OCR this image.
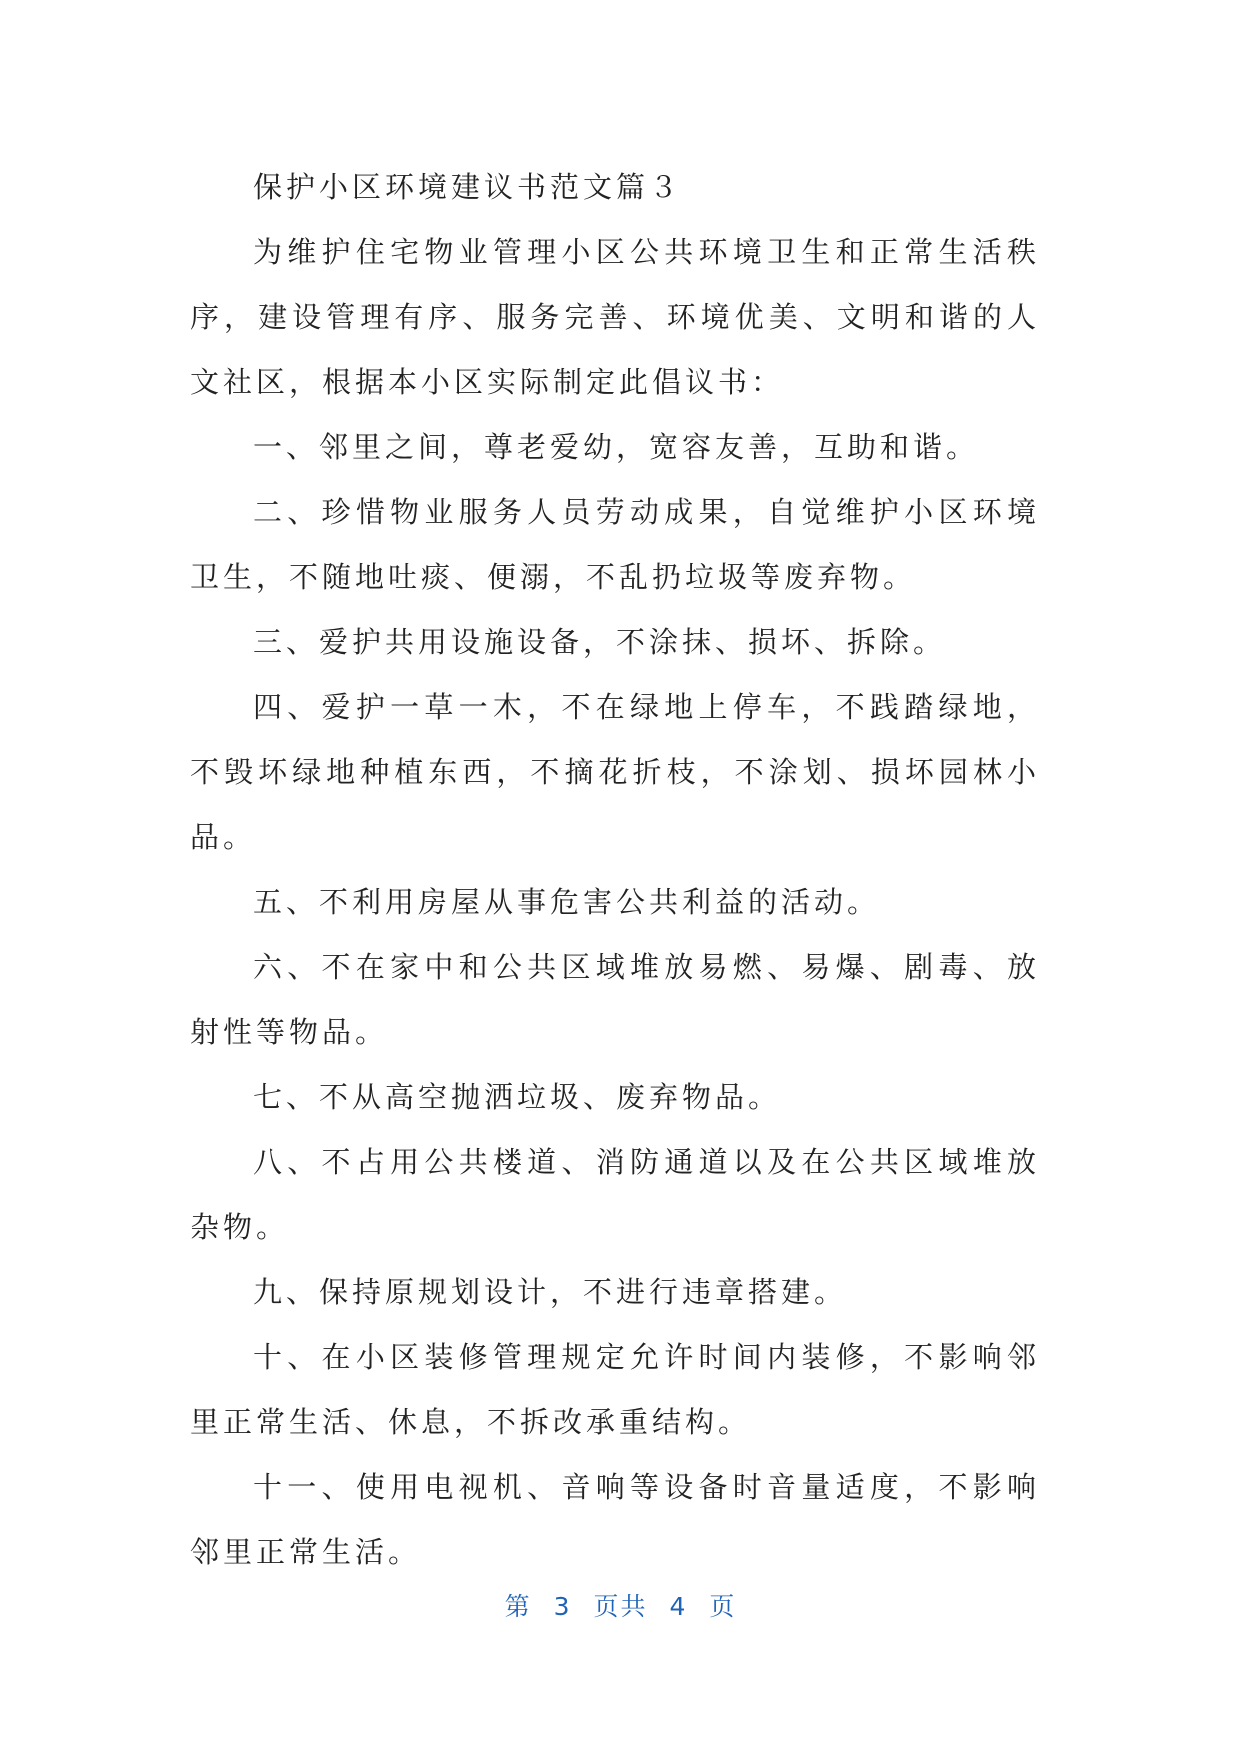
保护小区环境建议书范文篇３

为维护住宅物业管理小区公共环境卫生和正常生活秩序，建设管理有序、服务完善、环境优美、文明和谐的人文社区，根据本小区实际制定此倡议书：

一、邻里之间，尊老爱幼，宽容友善，互助和谐。

二、珍惜物业服务人员劳动成果，自觉维护小区环境卫生，不随地吐痰、便溺，不乱扔垃圾等废弃物。

三、爱护共用设施设备，不涂抹、损坏、拆除。

四、爱护一草一木，不在绿地上停车，不践踏绿地，不毁坏绿地种植东西，不摘花折枝，不涂划、损坏园林小品。

五、不利用房屋从事危害公共利益的活动。

六、不在家中和公共区域堆放易燃、易爆、剧毒、放射性等物品。

七、不从高空抛洒垃圾、废弃物品。

八、不占用公共楼道、消防通道以及在公共区域堆放杂物。

九、保持原规划设计，不进行违章搭建。

十、在小区装修管理规定允许时间内装修，不影响邻里正常生活、休息，不拆改承重结构。

十一、使用电视机、音响等设备时音量适度，不影响邻里正常生活。

第 3 页共 4 页
